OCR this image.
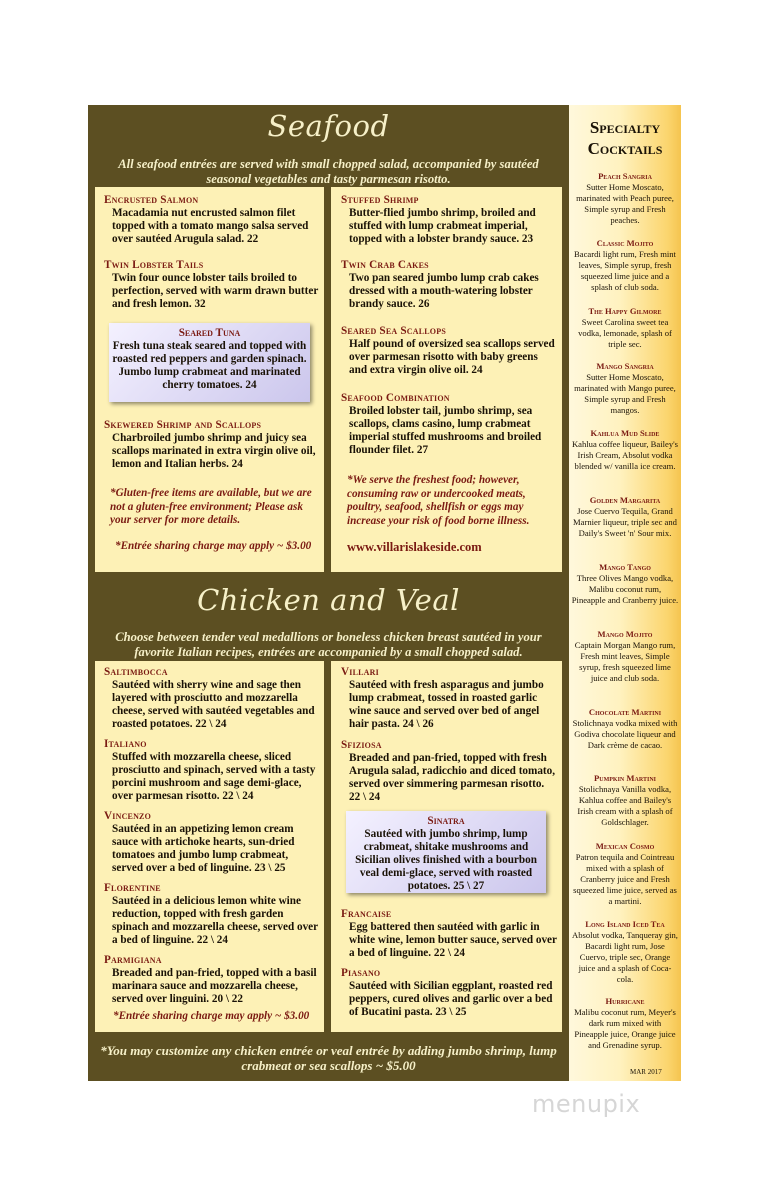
Seafood
All seafood entrées are served with small chopped salad, accompanied by sautéed seasonal vegetables and tasty parmesan risotto.
Encrusted Salmon
Macadamia nut encrusted salmon filet topped with a tomato mango salsa served over sautéed Arugula salad. 22
Twin Lobster Tails
Twin four ounce lobster tails broiled to perfection, served with warm drawn butter and fresh lemon. 32
Seared Tuna
Fresh tuna steak seared and topped with roasted red peppers and garden spinach. Jumbo lump crabmeat and marinated cherry tomatoes. 24
Skewered Shrimp and Scallops
Charbroiled jumbo shrimp and juicy sea scallops marinated in extra virgin olive oil, lemon and Italian herbs. 24
*Gluten-free items are available, but we are not a gluten-free environment; Please ask your server for more details.
*Entrée sharing charge may apply ~ $3.00
Stuffed Shrimp
Butter-flied jumbo shrimp, broiled and stuffed with lump crabmeat imperial, topped with a lobster brandy sauce. 23
Twin Crab Cakes
Two pan seared jumbo lump crab cakes dressed with a mouth-watering lobster brandy sauce. 26
Seared Sea Scallops
Half pound of oversized sea scallops served over parmesan risotto with baby greens and extra virgin olive oil. 24
Seafood Combination
Broiled lobster tail, jumbo shrimp, sea scallops, clams casino, lump crabmeat imperial stuffed mushrooms and broiled flounder filet. 27
*We serve the freshest food; however, consuming raw or undercooked meats, poultry, seafood, shellfish or eggs may increase your risk of food borne illness.
www.villarislakeside.com
Chicken and Veal
Choose between tender veal medallions or boneless chicken breast sautéed in your favorite Italian recipes, entrées are accompanied by a small chopped salad.
Saltimbocca
Sautéed with sherry wine and sage then layered with prosciutto and mozzarella cheese, served with sautéed vegetables and roasted potatoes. 22 \ 24
Italiano
Stuffed with mozzarella cheese, sliced prosciutto and spinach, served with a tasty porcini mushroom and sage demi-glace, over parmesan risotto. 22 \ 24
Vincenzo
Sautéed in an appetizing lemon cream sauce with artichoke hearts, sun-dried tomatoes and jumbo lump crabmeat, served over a bed of linguine. 23 \ 25
Florentine
Sautéed in a delicious lemon white wine reduction, topped with fresh garden spinach and mozzarella cheese, served over a bed of linguine. 22 \ 24
Parmigiana
Breaded and pan-fried, topped with a basil marinara sauce and mozzarella cheese, served over linguini. 20 \ 22
*Entrée sharing charge may apply ~ $3.00
Villari
Sautéed with fresh asparagus and jumbo lump crabmeat, tossed in roasted garlic wine sauce and served over bed of angel hair pasta. 24 \ 26
Sfiziosa
Breaded and pan-fried, topped with fresh Arugula salad, radicchio and diced tomato, served over simmering parmesan risotto. 22 \ 24
Sinatra
Sautéed with jumbo shrimp, lump crabmeat, shitake mushrooms and Sicilian olives finished with a bourbon veal demi-glace, served with roasted potatoes. 25 \ 27
Francaise
Egg battered then sautéed with garlic in white wine, lemon butter sauce, served over a bed of linguine. 22 \ 24
Piasano
Sautéed with Sicilian eggplant, roasted red peppers, cured olives and garlic over a bed of Bucatini pasta. 23 \ 25
*You may customize any chicken entrée or veal entrée by adding jumbo shrimp, lump crabmeat or sea scallops ~ $5.00
Specialty Cocktails
Peach Sangria
Sutter Home Moscato, marinated with Peach puree, Simple syrup and Fresh peaches.
Classic Mojito
Bacardi light rum, Fresh mint leaves, Simple syrup, fresh squeezed lime juice and a splash of club soda.
The Happy Gilmore
Sweet Carolina sweet tea vodka, lemonade, splash of triple sec.
Mango Sangria
Sutter Home Moscato, marinated with Mango puree, Simple syrup and Fresh mangos.
Kahlua Mud Slide
Kahlua coffee liqueur, Bailey's Irish Cream, Absolut vodka blended w/ vanilla ice cream.
Golden Margarita
Jose Cuervo Tequila, Grand Marnier liqueur, triple sec and Daily's Sweet 'n' Sour mix.
Mango Tango
Three Olives Mango vodka, Malibu coconut rum, Pineapple and Cranberry juice.
Mango Mojito
Captain Morgan Mango rum, Fresh mint leaves, Simple syrup, fresh squeezed lime juice and club soda.
Chocolate Martini
Stolichnaya vodka mixed with Godiva chocolate liqueur and Dark crème de cacao.
Pumpkin Martini
Stolichnaya Vanilla vodka, Kahlua coffee and Bailey's Irish cream with a splash of Goldschlager.
Mexican Cosmo
Patron tequila and Cointreau mixed with a splash of Cranberry juice and Fresh squeezed lime juice, served as a martini.
Long Island Iced Tea
Absolut vodka, Tanqueray gin, Bacardi light rum, Jose Cuervo, triple sec, Orange juice and a splash of Coca-cola.
Hurricane
Malibu coconut rum, Meyer's dark rum mixed with Pineapple juice, Orange juice and Grenadine syrup.
MAR 2017
menupix
